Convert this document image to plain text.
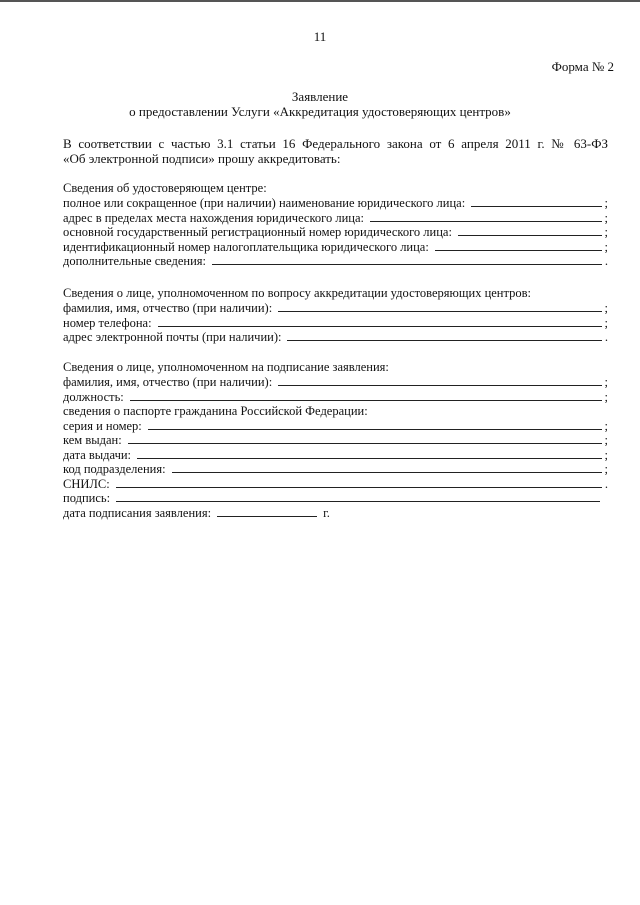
11
Форма № 2
Заявление
о предоставлении Услуги «Аккредитация удостоверяющих центров»
В соответствии с частью 3.1 статьи 16 Федерального закона от 6 апреля 2011 г. № 63-ФЗ
«Об электронной подписи» прошу аккредитовать:
Сведения об удостоверяющем центре:
полное или сокращенное (при наличии) наименование юридического лица:	;
адрес в пределах места нахождения юридического лица:	;
основной государственный регистрационный номер юридического лица:	;
идентификационный номер налогоплательщика юридического лица:	;
дополнительные сведения:	.
Сведения о лице, уполномоченном по вопросу аккредитации удостоверяющих центров:
фамилия, имя, отчество (при наличии):	;
номер телефона:	;
адрес электронной почты (при наличии):	.
Сведения о лице, уполномоченном на подписание заявления:
фамилия, имя, отчество (при наличии):	;
должность:	;
сведения о паспорте гражданина Российской Федерации:
серия и номер:	;
кем выдан:	;
дата выдачи:	;
код подразделения:	;
СНИЛС:	.
подпись:
дата подписания заявления:	г.
